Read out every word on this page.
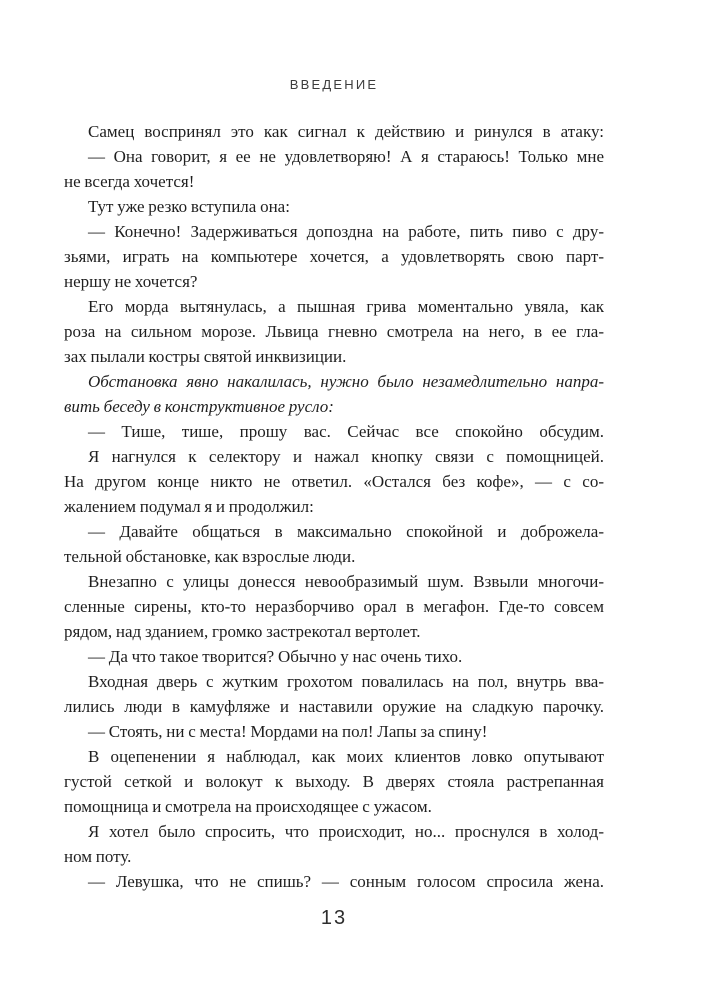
ВВЕДЕНИЕ
Самец воспринял это как сигнал к действию и ринулся в атаку:
— Она говорит, я ее не удовлетворяю! А я стараюсь! Только мне
не всегда хочется!
Тут уже резко вступила она:
— Конечно! Задерживаться допоздна на работе, пить пиво с дру-
зьями, играть на компьютере хочется, а удовлетворять свою парт-
нершу не хочется?
Его морда вытянулась, а пышная грива моментально увяла, как
роза на сильном морозе. Львица гневно смотрела на него, в ее гла-
зах пылали костры святой инквизиции.
Обстановка явно накалилась, нужно было незамедлительно напра-
вить беседу в конструктивное русло:
— Тише, тише, прошу вас. Сейчас все спокойно обсудим.
Я нагнулся к селектору и нажал кнопку связи с помощницей.
На другом конце никто не ответил. «Остался без кофе», — с со-
жалением подумал я и продолжил:
— Давайте общаться в максимально спокойной и доброжела-
тельной обстановке, как взрослые люди.
Внезапно с улицы донесся невообразимый шум. Взвыли многочи-
сленные сирены, кто-то неразборчиво орал в мегафон. Где-то совсем
рядом, над зданием, громко застрекотал вертолет.
— Да что такое творится? Обычно у нас очень тихо.
Входная дверь с жутким грохотом повалилась на пол, внутрь вва-
лились люди в камуфляже и наставили оружие на сладкую парочку.
— Стоять, ни с места! Мордами на пол! Лапы за спину!
В оцепенении я наблюдал, как моих клиентов ловко опутывают
густой сеткой и волокут к выходу. В дверях стояла растрепанная
помощница и смотрела на происходящее с ужасом.
Я хотел было спросить, что происходит, но... проснулся в холод-
ном поту.
— Левушка, что не спишь? — сонным голосом спросила жена.
13
